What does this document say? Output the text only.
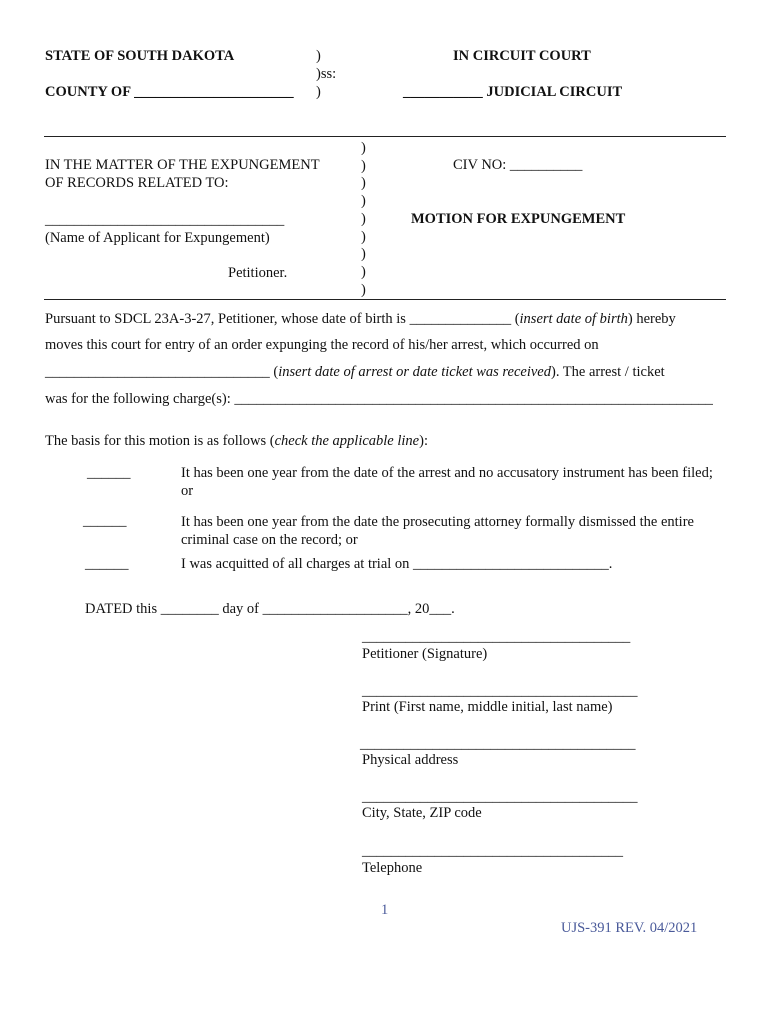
STATE OF SOUTH DAKOTA
COUNTY OF ______________________
)
)ss:
)
IN CIRCUIT COURT
___________ JUDICIAL CIRCUIT
IN THE MATTER OF THE EXPUNGEMENT
OF RECORDS RELATED TO:
_________________________________
(Name of Applicant for Expungement)
Petitioner.
)
)
)
)
)
)
)
)
)
CIV NO: __________
MOTION FOR EXPUNGEMENT
Pursuant to SDCL 23A-3-27, Petitioner, whose date of birth is ______________ (insert date of birth) hereby
moves this court for entry of an order expunging the record of his/her arrest, which occurred on
_______________________________ (insert date of arrest or date ticket was received). The arrest / ticket
was for the following charge(s): __________________________________________________________________
The basis for this motion is as follows (check the applicable line):
______	It has been one year from the date of the arrest and no accusatory instrument has been filed; or
______	It has been one year from the date the prosecuting attorney formally dismissed the entire criminal case on the record; or
______	I was acquitted of all charges at trial on ___________________________.
DATED this ________ day of ____________________, 20___.
_____________________________________
Petitioner (Signature)
______________________________________
Print (First name, middle initial, last name)
______________________________________
Physical address
______________________________________
City, State, ZIP code
____________________________________
Telephone
1
UJS-391 REV. 04/2021
